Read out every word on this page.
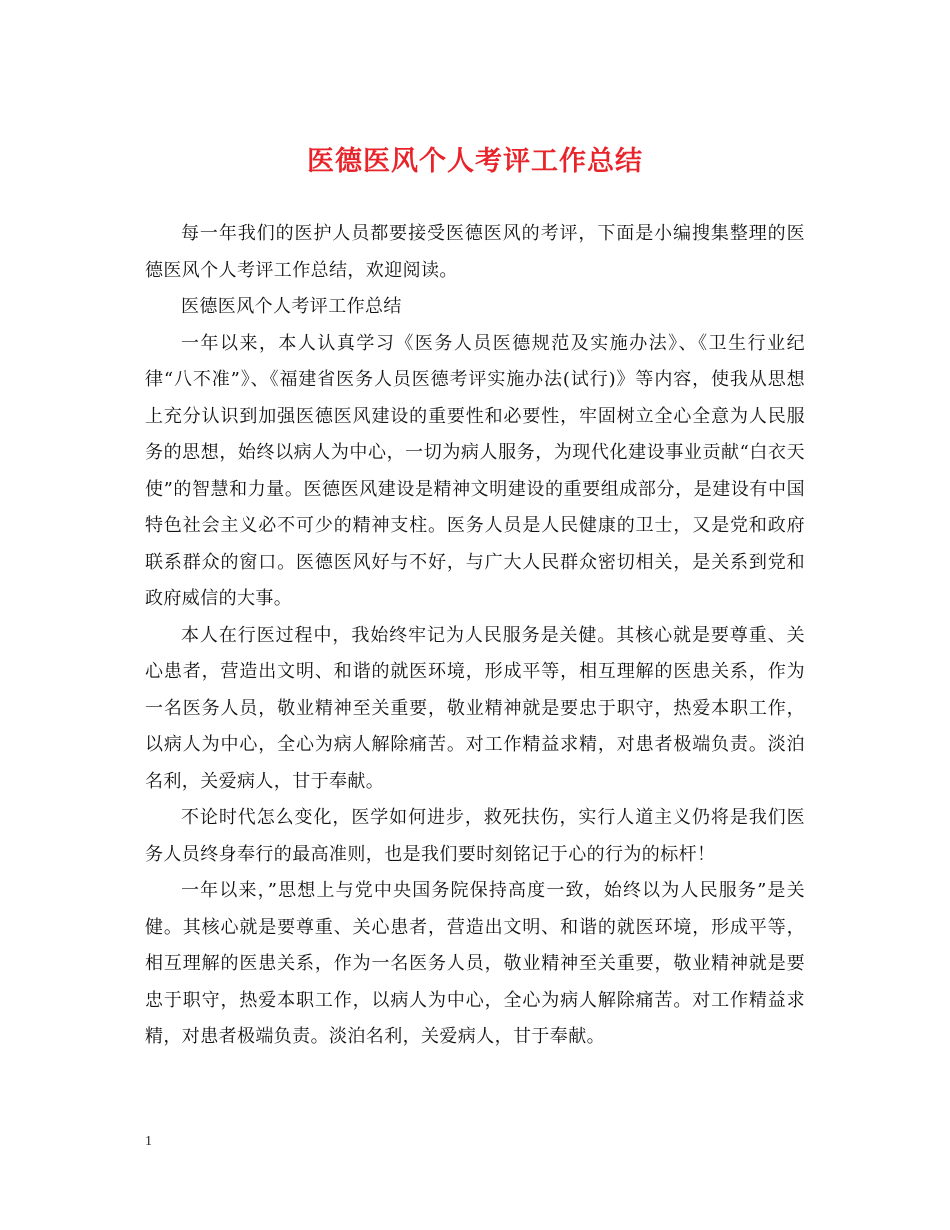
医德医风个人考评工作总结

每一年我们的医护人员都要接受医德医风的考评，下面是小编搜集整理的医德医风个人考评工作总结，欢迎阅读。

医德医风个人考评工作总结

一年以来，本人认真学习《医务人员医德规范及实施办法》、《卫生行业纪律“八不准”》、《福建省医务人员医德考评实施办法(试行)》等内容，使我从思想上充分认识到加强医德医风建设的重要性和必要性，牢固树立全心全意为人民服务的思想，始终以病人为中心，一切为病人服务，为现代化建设事业贡献“白衣天使”的智慧和力量。医德医风建设是精神文明建设的重要组成部分，是建设有中国特色社会主义必不可少的精神支柱。医务人员是人民健康的卫士，又是党和政府联系群众的窗口。医德医风好与不好，与广大人民群众密切相关，是关系到党和政府威信的大事。

本人在行医过程中，我始终牢记为人民服务是关健。其核心就是要尊重、关心患者，营造出文明、和谐的就医环境，形成平等，相互理解的医患关系，作为一名医务人员，敬业精神至关重要，敬业精神就是要忠于职守，热爱本职工作，以病人为中心，全心为病人解除痛苦。对工作精益求精，对患者极端负责。淡泊名利，关爱病人，甘于奉献。

不论时代怎么变化，医学如何进步，救死扶伤，实行人道主义仍将是我们医务人员终身奉行的最高准则，也是我们要时刻铭记于心的行为的标杆！

一年以来，”思想上与党中央国务院保持高度一致，始终以为人民服务”是关健。其核心就是要尊重、关心患者，营造出文明、和谐的就医环境，形成平等，相互理解的医患关系，作为一名医务人员，敬业精神至关重要，敬业精神就是要忠于职守，热爱本职工作，以病人为中心，全心为病人解除痛苦。对工作精益求精，对患者极端负责。淡泊名利，关爱病人，甘于奉献。

1
